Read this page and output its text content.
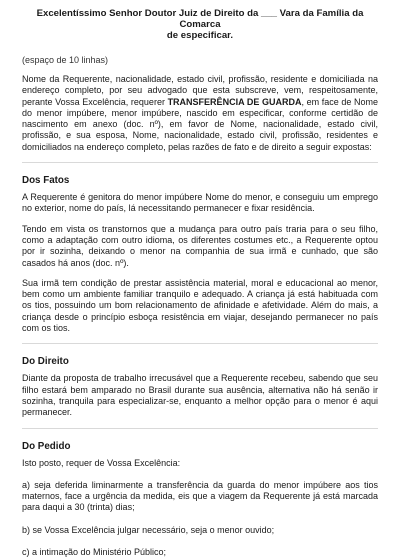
Excelentíssimo Senhor Doutor Juiz de Direito da ___ Vara da Família da Comarca

de especificar.

(espaço de 10 linhas)

Nome da Requerente, nacionalidade, estado civil, profissão, residente e domiciliada na endereço completo, por seu advogado que esta subscreve, vem, respeitosamente, perante Vossa Excelência, requerer TRANSFERÊNCIA DE GUARDA, em face de Nome do menor impúbere, menor impúbere, nascido em especificar, conforme certidão de nascimento em anexo (doc. nº), em favor de Nome, nacionalidade, estado civil, profissão, e sua esposa, Nome, nacionalidade, estado civil, profissão, residentes e domiciliados na endereço completo, pelas razões de fato e de direito a seguir expostas:

Dos Fatos

A Requerente é genitora do menor impúbere Nome do menor, e conseguiu um emprego no exterior, nome do país, lá necessitando permanecer e fixar residência.

Tendo em vista os transtornos que a mudança para outro país traria para o seu filho, como a adaptação com outro idioma, os diferentes costumes etc., a Requerente optou por ir sozinha, deixando o menor na companhia de sua irmã e cunhado, que são casados há anos (doc. nº).

Sua irmã tem condição de prestar assistência material, moral e educacional ao menor, bem como um ambiente familiar tranquilo e adequado. A criança já está habituada com os tios, possuindo um bom relacionamento de afinidade e afetividade. Além do mais, a criança desde o princípio esboça resistência em viajar, desejando permanecer no país com os tios.

Do Direito

Diante da proposta de trabalho irrecusável que a Requerente recebeu, sabendo que seu filho estará bem amparado no Brasil durante sua ausência, alternativa não há senão ir sozinha, tranquila para especializar-se, enquanto a melhor opção para o menor é aqui permanecer.

Do Pedido

Isto posto, requer de Vossa Excelência:

a) seja deferida liminarmente a transferência da guarda do menor impúbere aos tios maternos, face a urgência da medida, eis que a viagem da Requerente já está marcada para daqui a 30 (trinta) dias;

b) se Vossa Excelência julgar necessário, seja o menor ouvido;

c) a intimação do Ministério Público;
